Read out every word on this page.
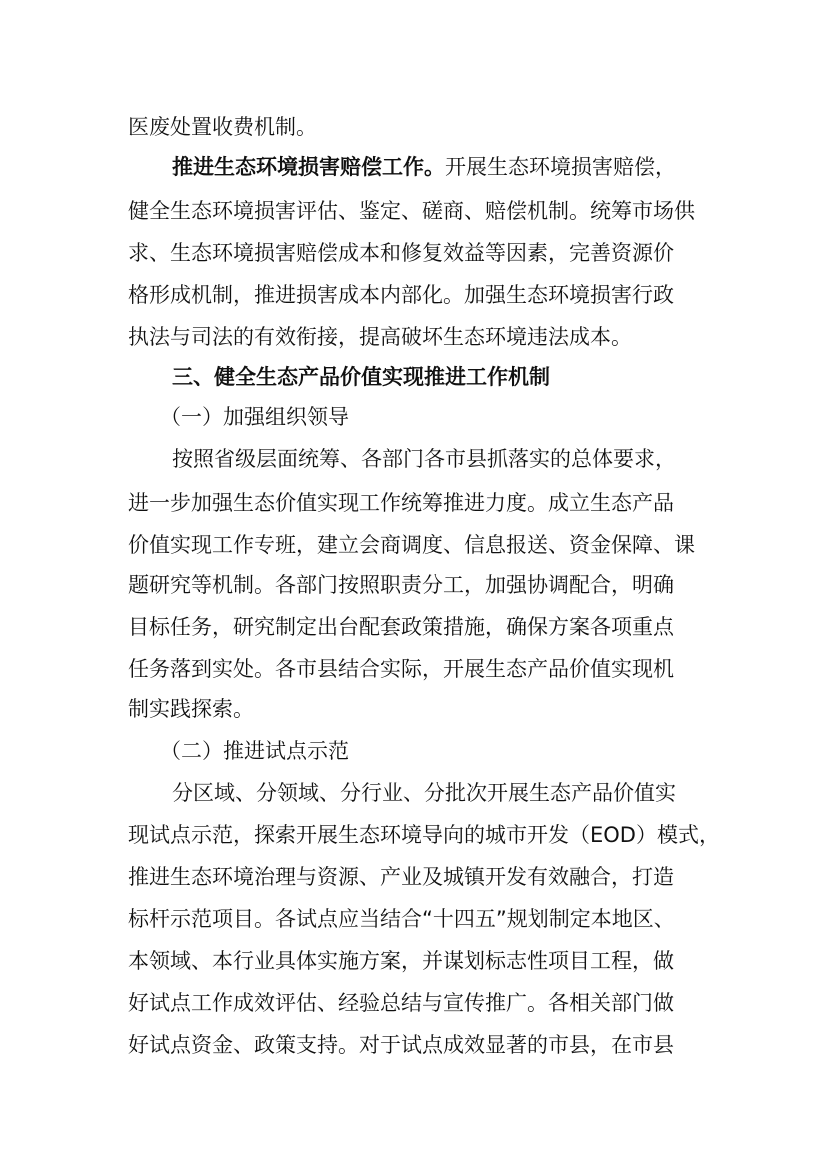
医废处置收费机制。
推进生态环境损害赔偿工作。开展生态环境损害赔偿，
健全生态环境损害评估、鉴定、磋商、赔偿机制。统筹市场供
求、生态环境损害赔偿成本和修复效益等因素，完善资源价
格形成机制，推进损害成本内部化。加强生态环境损害行政
执法与司法的有效衔接，提高破坏生态环境违法成本。
三、健全生态产品价值实现推进工作机制
（一）加强组织领导
按照省级层面统筹、各部门各市县抓落实的总体要求，
进一步加强生态价值实现工作统筹推进力度。成立生态产品
价值实现工作专班，建立会商调度、信息报送、资金保障、课
题研究等机制。各部门按照职责分工，加强协调配合，明确
目标任务，研究制定出台配套政策措施，确保方案各项重点
任务落到实处。各市县结合实际，开展生态产品价值实现机
制实践探索。
（二）推进试点示范
分区域、分领域、分行业、分批次开展生态产品价值实
现试点示范，探索开展生态环境导向的城市开发（EOD）模式，
推进生态环境治理与资源、产业及城镇开发有效融合，打造
标杆示范项目。各试点应当结合“十四五”规划制定本地区、
本领域、本行业具体实施方案，并谋划标志性项目工程，做
好试点工作成效评估、经验总结与宣传推广。各相关部门做
好试点资金、政策支持。对于试点成效显著的市县，在市县
